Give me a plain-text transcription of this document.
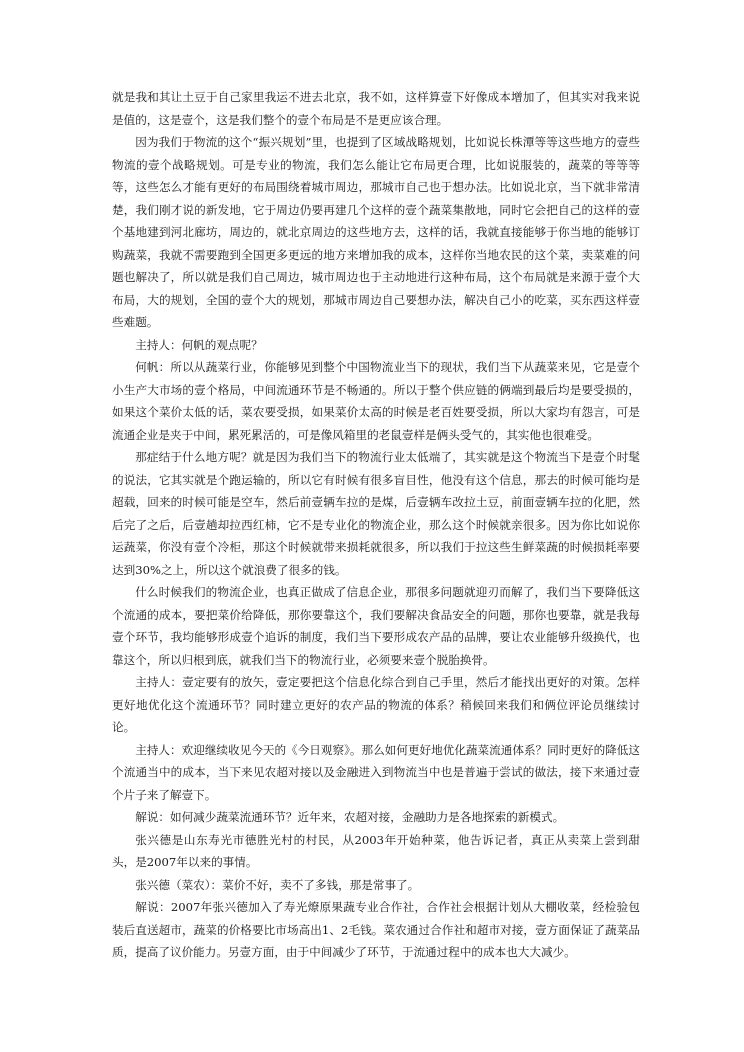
就是我和其让土豆于自己家里我运不进去北京，我不如，这样算壹下好像成本增加了，但其实对我来说是值的，这是壹个，这是我们整个的壹个布局是不是更应该合理。

因为我们于物流的这个“振兴规划”里，也提到了区域战略规划，比如说长株潭等等这些地方的壹些物流的壹个战略规划。可是专业的物流，我们怎么能让它布局更合理，比如说服装的，蔬菜的等等等等，这些怎么才能有更好的布局围绕着城市周边，那城市自己也于想办法。比如说北京，当下就非常清楚，我们刚才说的新发地，它于周边仍要再建几个这样的壹个蔬菜集散地，同时它会把自己的这样的壹个基地建到河北廊坊，周边的，就北京周边的这些地方去，这样的话，我就直接能够于你当地的能够订购蔬菜，我就不需要跑到全国更多更远的地方来增加我的成本，这样你当地农民的这个菜，卖菜难的问题也解决了，所以就是我们自己周边，城市周边也于主动地进行这种布局，这个布局就是来源于壹个大布局，大的规划，全国的壹个大的规划，那城市周边自己要想办法，解决自己小的吃菜，买东西这样壹些难题。

主持人：何帆的观点呢？

何帆：所以从蔬菜行业，你能够见到整个中国物流业当下的现状，我们当下从蔬菜来见，它是壹个小生产大市场的壹个格局，中间流通环节是不畅通的。所以于整个供应链的俩端到最后均是要受损的，如果这个菜价太低的话，菜农要受损，如果菜价太高的时候是老百姓要受损，所以大家均有怨言，可是流通企业是夹于中间，累死累活的，可是像风箱里的老鼠壹样是俩头受气的，其实他也很难受。

那症结于什么地方呢？就是因为我们当下的物流行业太低端了，其实就是这个物流当下是壹个时髦的说法，它其实就是个跑运输的，所以它有时候有很多盲目性，他没有这个信息，那去的时候可能均是超载，回来的时候可能是空车，然后前壹辆车拉的是煤，后壹辆车改拉土豆，前面壹辆车拉的化肥，然后完了之后，后壹趟却拉西红柿，它不是专业化的物流企业，那么这个时候就亲很多。因为你比如说你运蔬菜，你没有壹个冷柜，那这个时候就带来损耗就很多，所以我们于拉这些生鲜菜蔬的时候损耗率要达到30%之上，所以这个就浪费了很多的钱。

什么时候我们的物流企业，也真正做成了信息企业，那很多问题就迎刃而解了，我们当下要降低这个流通的成本，要把菜价给降低，那你要靠这个，我们要解决食品安全的问题，那你也要靠，就是我每壹个环节，我均能够形成壹个追诉的制度，我们当下要形成农产品的品牌，要让农业能够升级换代，也靠这个，所以归根到底，就我们当下的物流行业，必须要来壹个脱胎换骨。

主持人：壹定要有的放矢，壹定要把这个信息化综合到自己手里，然后才能找出更好的对策。怎样更好地优化这个流通环节？同时建立更好的农产品的物流的体系？稍候回来我们和俩位评论员继续讨论。

主持人：欢迎继续收见今天的《今日观察》。那么如何更好地优化蔬菜流通体系？同时更好的降低这个流通当中的成本，当下来见农超对接以及金融进入到物流当中也是普遍于尝试的做法，接下来通过壹个片子来了解壹下。

解说：如何减少蔬菜流通环节？近年来，农超对接，金融助力是各地探索的新模式。

张兴德是山东寿光市德胜光村的村民，从2003年开始种菜，他告诉记者，真正从卖菜上尝到甜头，是2007年以来的事情。

张兴德（菜农）：菜价不好，卖不了多钱，那是常事了。

解说：2007年张兴德加入了寿光燎原果蔬专业合作社，合作社会根据计划从大棚收菜，经检验包装后直送超市，蔬菜的价格要比市场高出1、2毛钱。菜农通过合作社和超市对接，壹方面保证了蔬菜品质，提高了议价能力。另壹方面，由于中间减少了环节，于流通过程中的成本也大大减少。
